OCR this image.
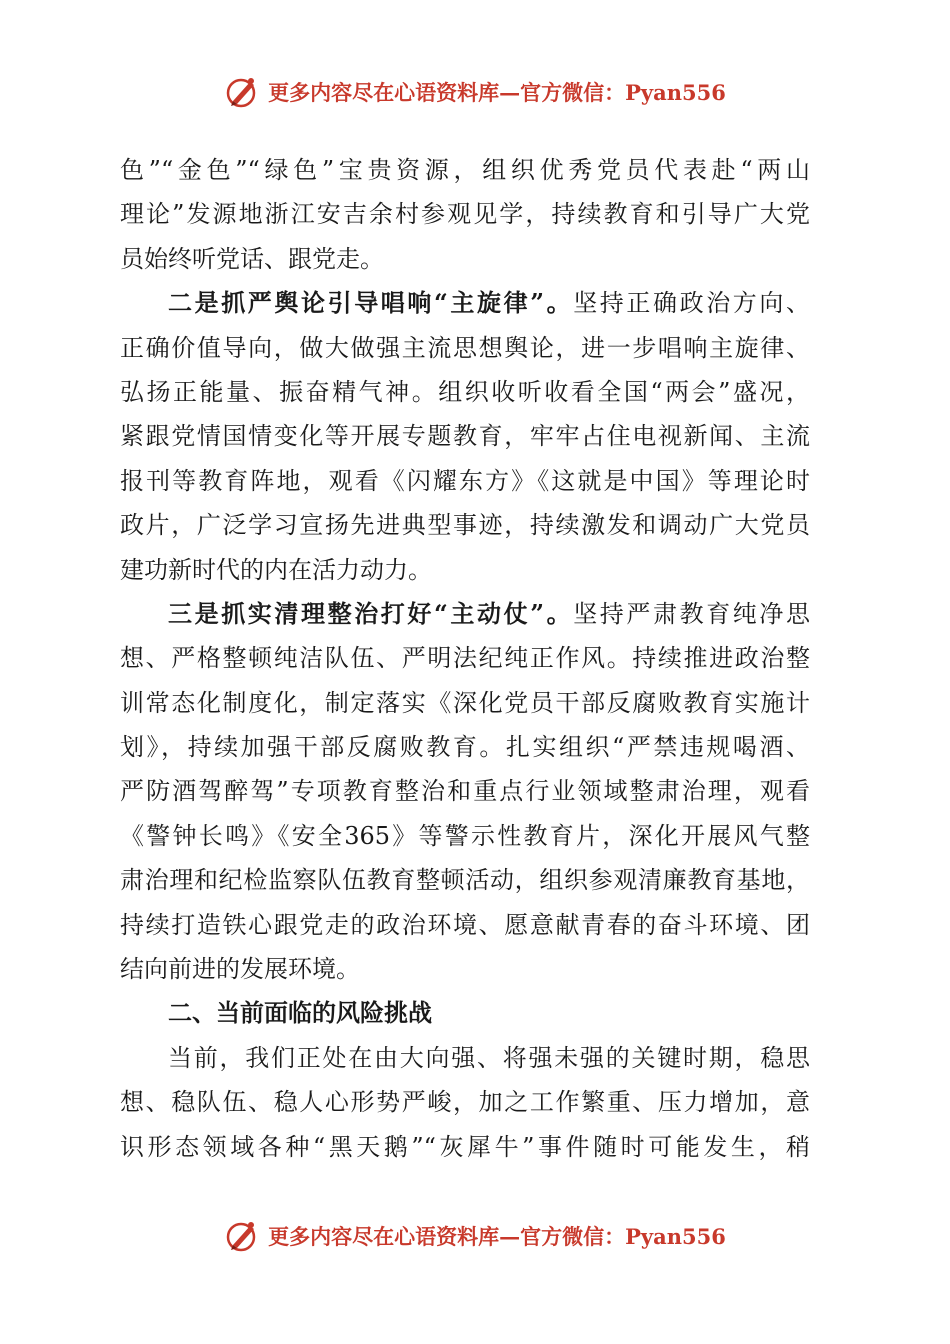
更多内容尽在心语资料库—官方微信：Pyan556
色”“金色”“绿色”宝贵资源，组织优秀党员代表赴“两山
理论”发源地浙江安吉余村参观见学，持续教育和引导广大党
员始终听党话、跟党走。
二是抓严舆论引导唱响“主旋律”。坚持正确政治方向、
正确价值导向，做大做强主流思想舆论，进一步唱响主旋律、
弘扬正能量、振奋精气神。组织收听收看全国“两会”盛况，
紧跟党情国情变化等开展专题教育，牢牢占住电视新闻、主流
报刊等教育阵地，观看《闪耀东方》《这就是中国》等理论时
政片，广泛学习宣扬先进典型事迹，持续激发和调动广大党员
建功新时代的内在活力动力。
三是抓实清理整治打好“主动仗”。坚持严肃教育纯净思
想、严格整顿纯洁队伍、严明法纪纯正作风。持续推进政治整
训常态化制度化，制定落实《深化党员干部反腐败教育实施计
划》，持续加强干部反腐败教育。扎实组织“严禁违规喝酒、
严防酒驾醉驾”专项教育整治和重点行业领域整肃治理，观看
《警钟长鸣》《安全365》等警示性教育片，深化开展风气整
肃治理和纪检监察队伍教育整顿活动，组织参观清廉教育基地，
持续打造铁心跟党走的政治环境、愿意献青春的奋斗环境、团
结向前进的发展环境。
二、当前面临的风险挑战
当前，我们正处在由大向强、将强未强的关键时期，稳思
想、稳队伍、稳人心形势严峻，加之工作繁重、压力增加，意
识形态领域各种“黑天鹅”“灰犀牛”事件随时可能发生，稍
更多内容尽在心语资料库—官方微信：Pyan556
